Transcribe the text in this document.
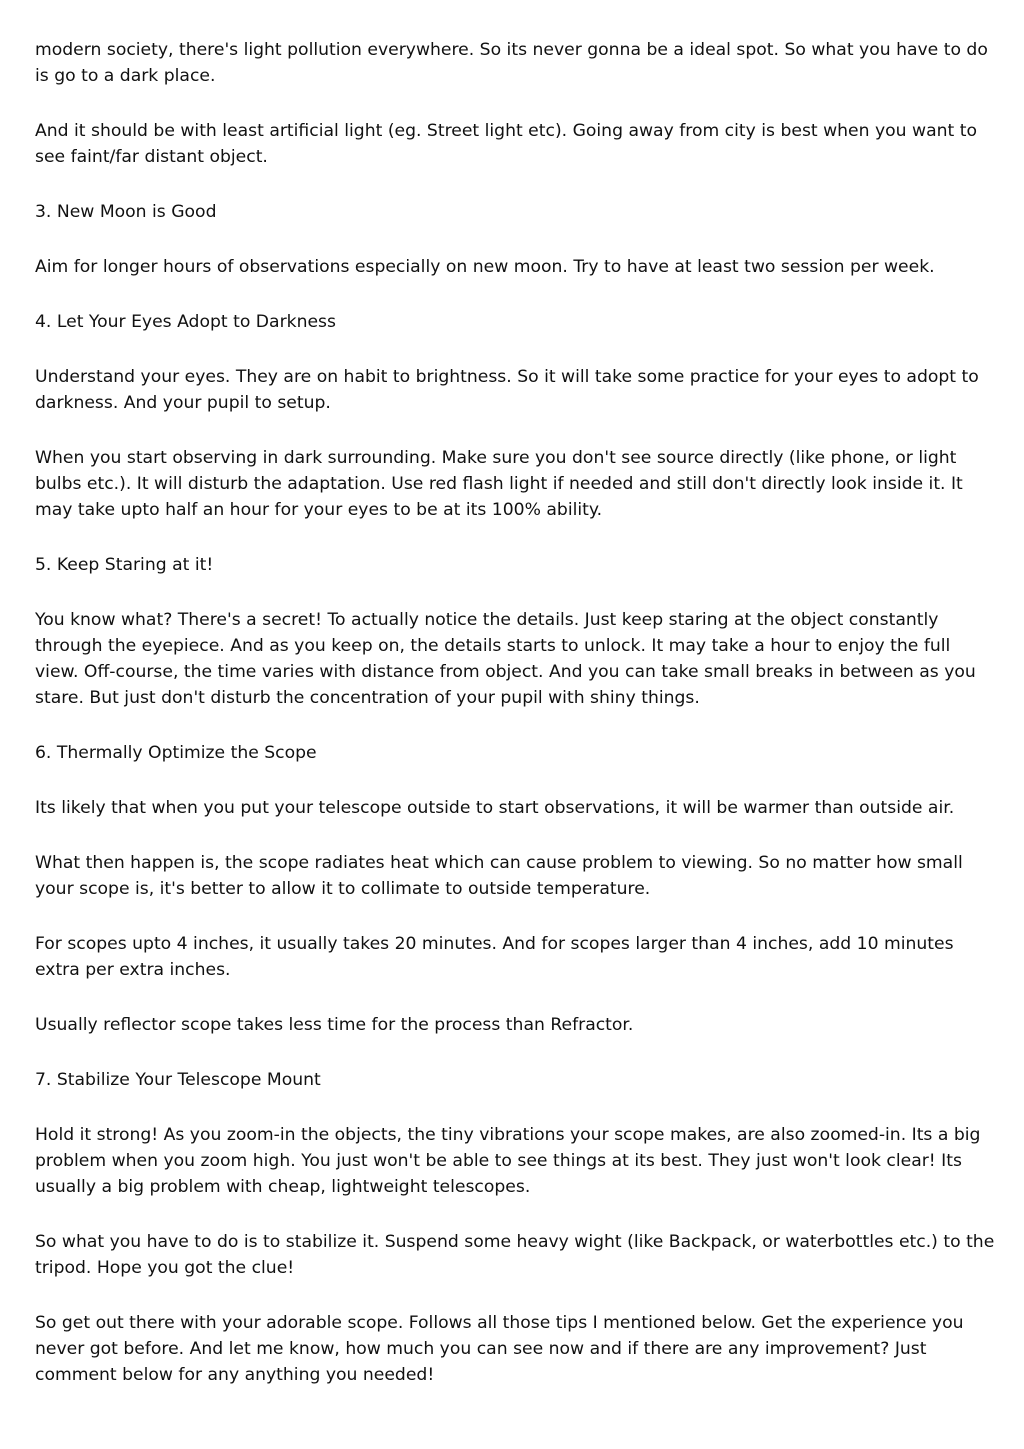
modern society, there's light pollution everywhere. So its never gonna be a ideal spot. So what you have to do is go to a dark place.

And it should be with least artificial light (eg. Street light etc). Going away from city is best when you want to see faint/far distant object.

3. New Moon is Good

Aim for longer hours of observations especially on new moon. Try to have at least two session per week.

4. Let Your Eyes Adopt to Darkness

Understand your eyes. They are on habit to brightness. So it will take some practice for your eyes to adopt to darkness. And your pupil to setup.

When you start observing in dark surrounding. Make sure you don't see source directly (like phone, or light bulbs etc.). It will disturb the adaptation. Use red flash light if needed and still don't directly look inside it. It may take upto half an hour for your eyes to be at its 100% ability.

5. Keep Staring at it!

You know what? There's a secret! To actually notice the details. Just keep staring at the object constantly through the eyepiece. And as you keep on, the details starts to unlock. It may take a hour to enjoy the full view. Off-course, the time varies with distance from object. And you can take small breaks in between as you stare. But just don't disturb the concentration of your pupil with shiny things.

6. Thermally Optimize the Scope

Its likely that when you put your telescope outside to start observations, it will be warmer than outside air.

What then happen is, the scope radiates heat which can cause problem to viewing. So no matter how small your scope is, it's better to allow it to collimate to outside temperature.

For scopes upto 4 inches, it usually takes 20 minutes. And for scopes larger than 4 inches, add 10 minutes extra per extra inches.

Usually reflector scope takes less time for the process than Refractor.

7. Stabilize Your Telescope Mount

Hold it strong! As you zoom-in the objects, the tiny vibrations your scope makes, are also zoomed-in. Its a big problem when you zoom high. You just won't be able to see things at its best. They just won't look clear! Its usually a big problem with cheap, lightweight telescopes.

So what you have to do is to stabilize it. Suspend some heavy wight (like Backpack, or waterbottles etc.) to the tripod. Hope you got the clue!

So get out there with your adorable scope. Follows all those tips I mentioned below. Get the experience you never got before. And let me know, how much you can see now and if there are any improvement? Just comment below for any anything you needed!
